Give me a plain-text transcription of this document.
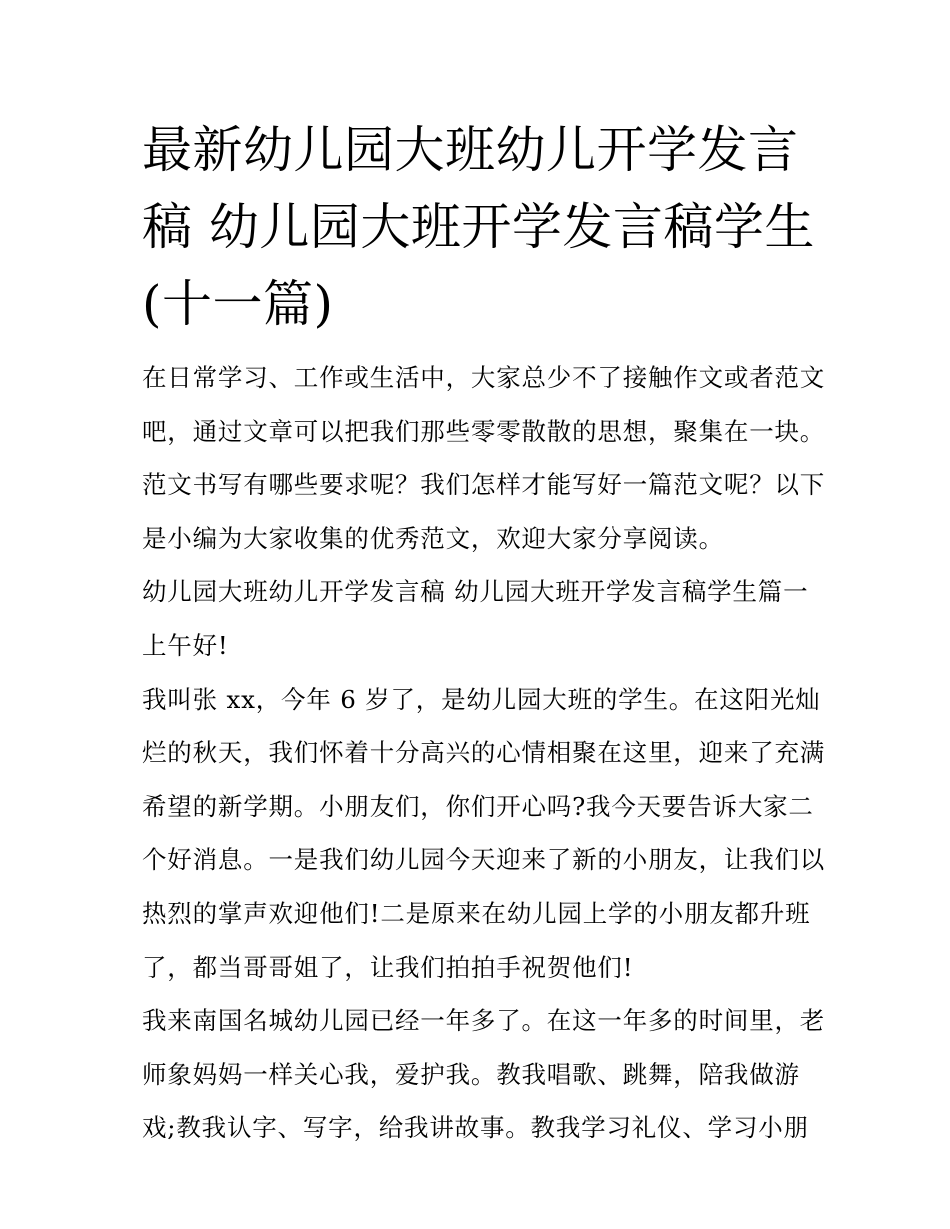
最新幼儿园大班幼儿开学发言
稿 幼儿园大班开学发言稿学生
(十一篇)

在日常学习、工作或生活中，大家总少不了接触作文或者范文
吧，通过文章可以把我们那些零零散散的思想，聚集在一块。
范文书写有哪些要求呢？我们怎样才能写好一篇范文呢？以下
是小编为大家收集的优秀范文，欢迎大家分享阅读。

幼儿园大班幼儿开学发言稿 幼儿园大班开学发言稿学生篇一

上午好!

我叫张 xx，今年 6 岁了，是幼儿园大班的学生。在这阳光灿
烂的秋天，我们怀着十分高兴的心情相聚在这里，迎来了充满
希望的新学期。小朋友们，你们开心吗?我今天要告诉大家二
个好消息。一是我们幼儿园今天迎来了新的小朋友，让我们以
热烈的掌声欢迎他们!二是原来在幼儿园上学的小朋友都升班
了，都当哥哥姐了，让我们拍拍手祝贺他们!

我来南国名城幼儿园已经一年多了。在这一年多的时间里，老
师象妈妈一样关心我，爱护我。教我唱歌、跳舞，陪我做游
戏;教我认字、写字，给我讲故事。教我学习礼仪、学习小朋
